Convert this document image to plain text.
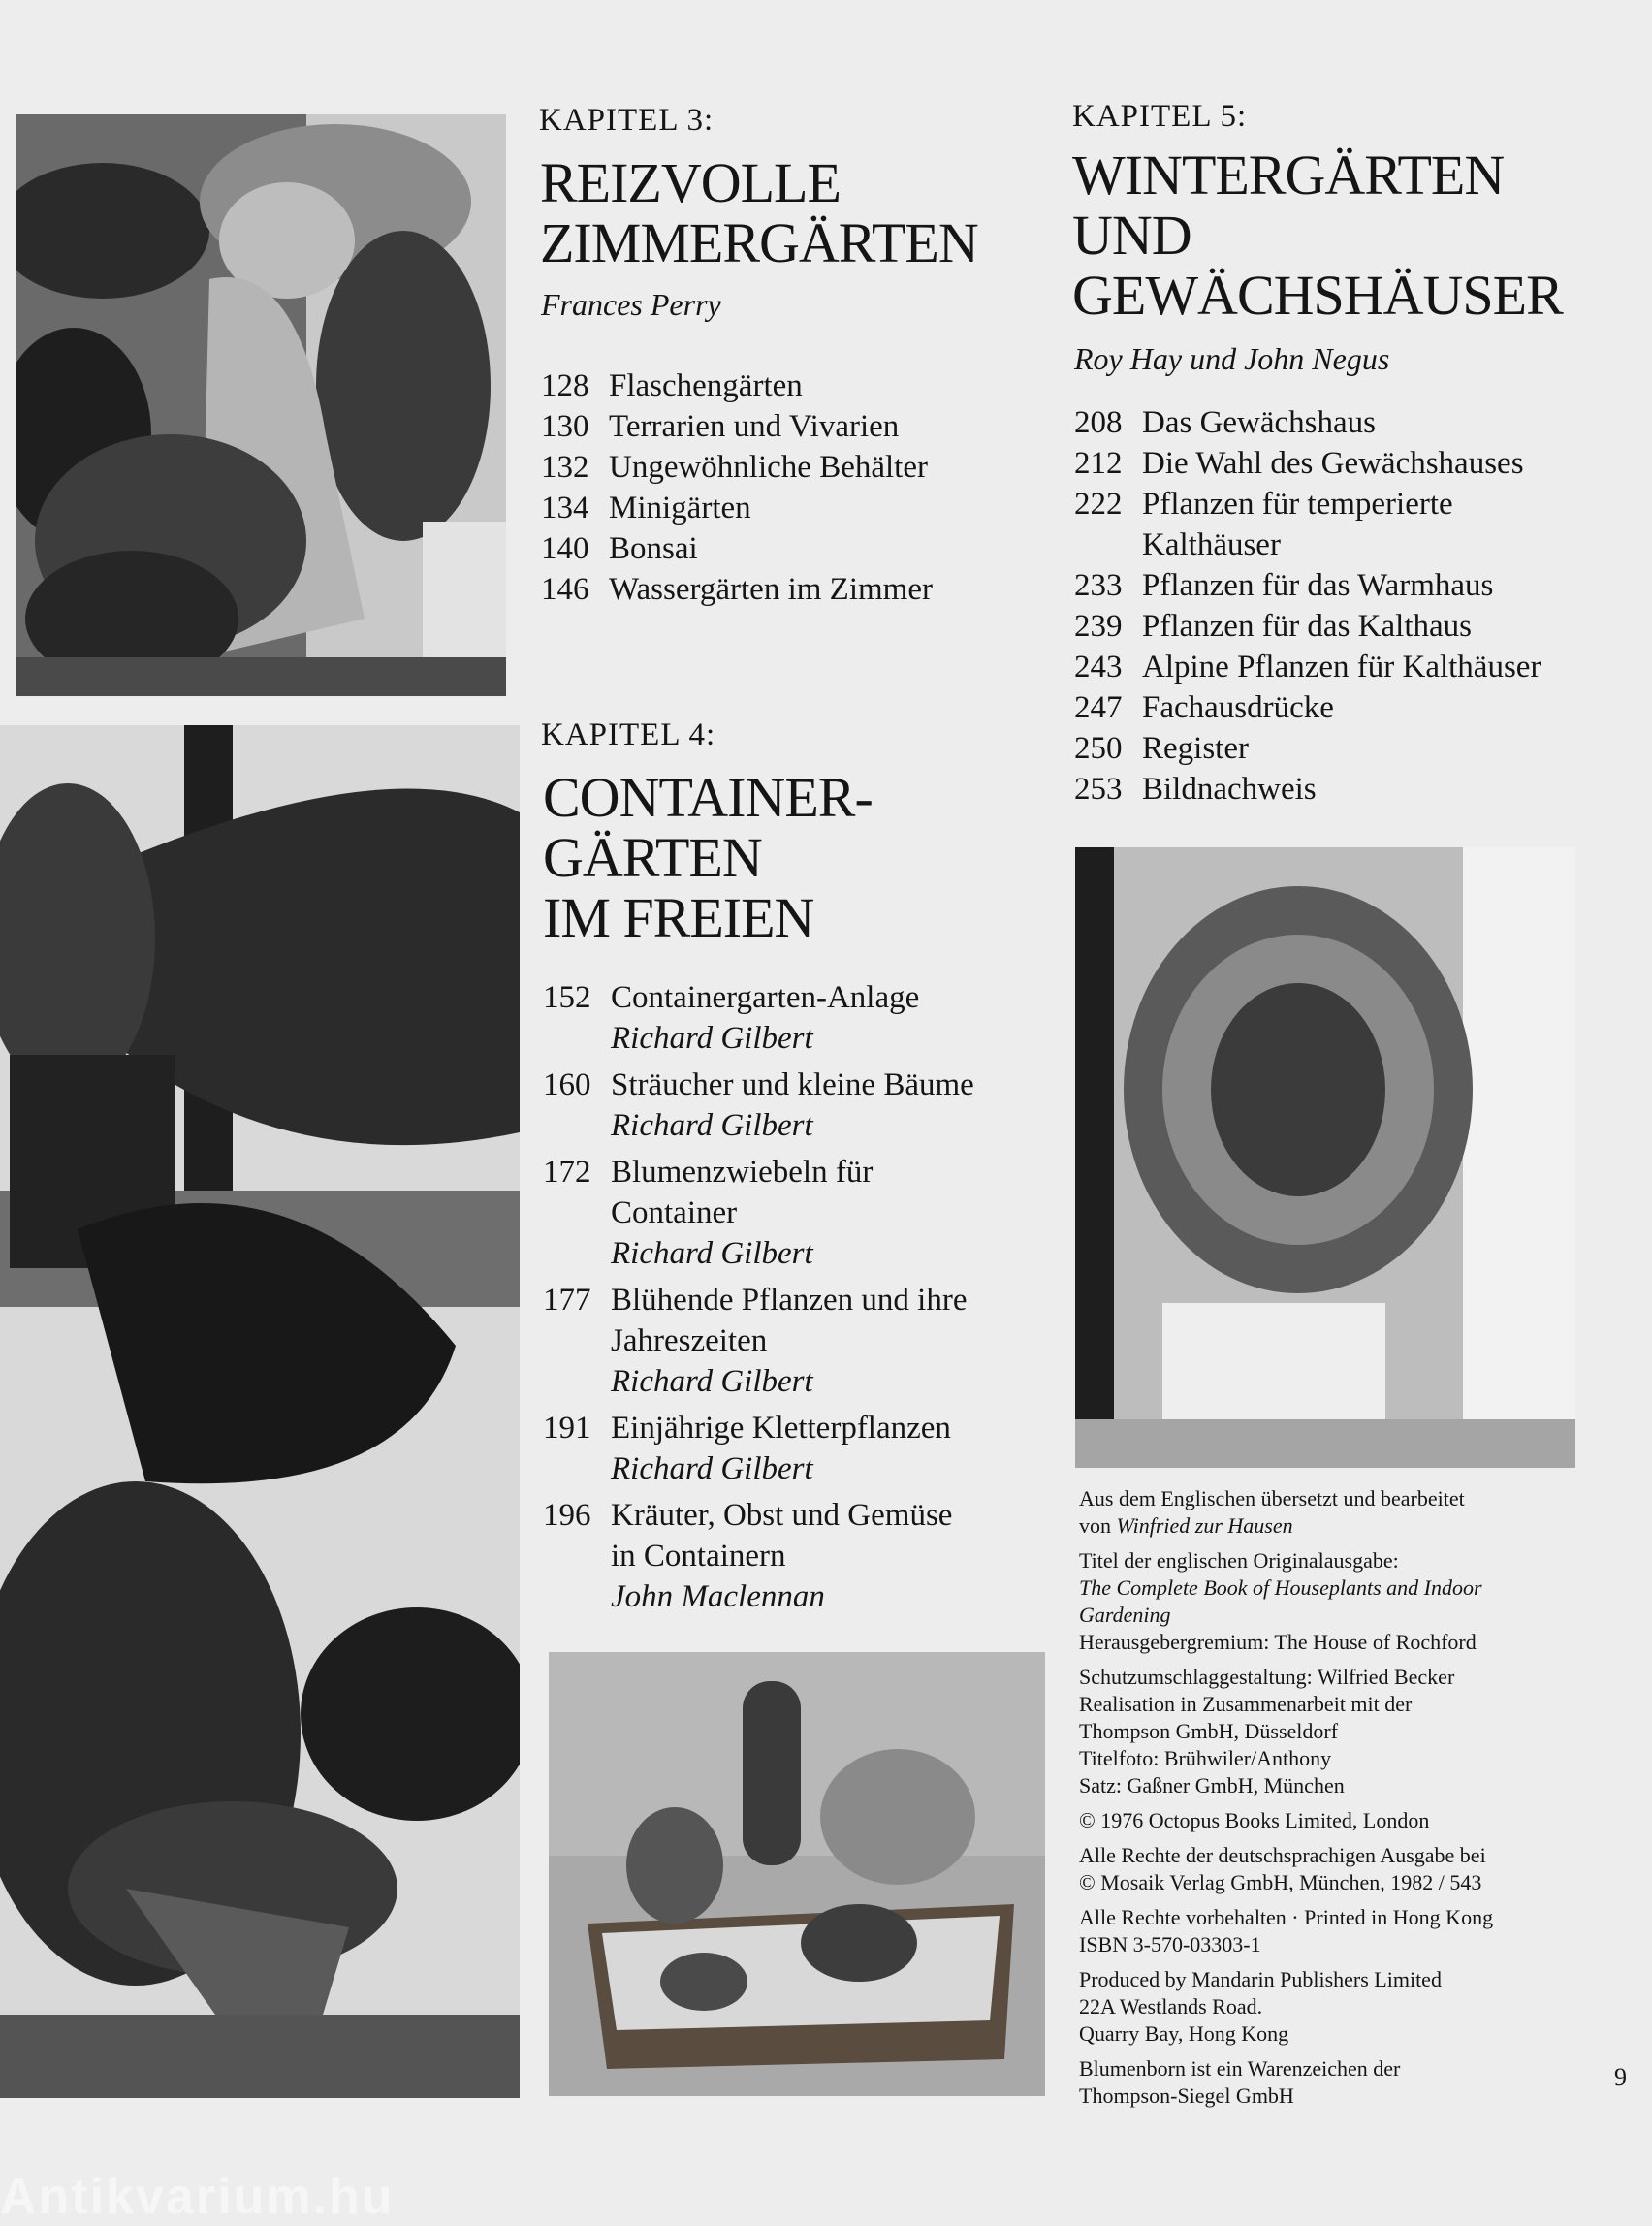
KAPITEL 3:
REIZVOLLE
ZIMMERGÄRTEN
Frances Perry
128 Flaschengärten
130 Terrarien und Vivarien
132 Ungewöhnliche Behälter
134 Minigärten
140 Bonsai
146 Wassergärten im Zimmer
KAPITEL 4:
CONTAINER-
GÄRTEN
IM FREIEN
152 Containergarten-Anlage
Richard Gilbert
160 Sträucher und kleine Bäume
Richard Gilbert
172 Blumenzwiebeln für
Container
Richard Gilbert
177 Blühende Pflanzen und ihre
Jahreszeiten
Richard Gilbert
191 Einjährige Kletterpflanzen
Richard Gilbert
196 Kräuter, Obst und Gemüse
in Containern
John Maclennan
KAPITEL 5:
WINTERGÄRTEN
UND
GEWÄCHSHÄUSER
Roy Hay und John Negus
208 Das Gewächshaus
212 Die Wahl des Gewächshauses
222 Pflanzen für temperierte
Kalthäuser
233 Pflanzen für das Warmhaus
239 Pflanzen für das Kalthaus
243 Alpine Pflanzen für Kalthäuser
247 Fachausdrücke
250 Register
253 Bildnachweis

Aus dem Englischen übersetzt und bearbeitet
von Winfried zur Hausen

Titel der englischen Originalausgabe:
The Complete Book of Houseplants and Indoor
Gardening
Herausgebergremium: The House of Rochford

Schutzumschlaggestaltung: Wilfried Becker
Realisation in Zusammenarbeit mit der
Thompson GmbH, Düsseldorf
Titelfoto: Brühwiler/Anthony
Satz: Gaßner GmbH, München

© 1976 Octopus Books Limited, London

Alle Rechte der deutschsprachigen Ausgabe bei
© Mosaik Verlag GmbH, München, 1982 / 543

Alle Rechte vorbehalten · Printed in Hong Kong
ISBN 3-570-03303-1

Produced by Mandarin Publishers Limited
22A Westlands Road.
Quarry Bay, Hong Kong

Blumenborn ist ein Warenzeichen der
Thompson-Siegel GmbH

9
Antikvarium.hu
